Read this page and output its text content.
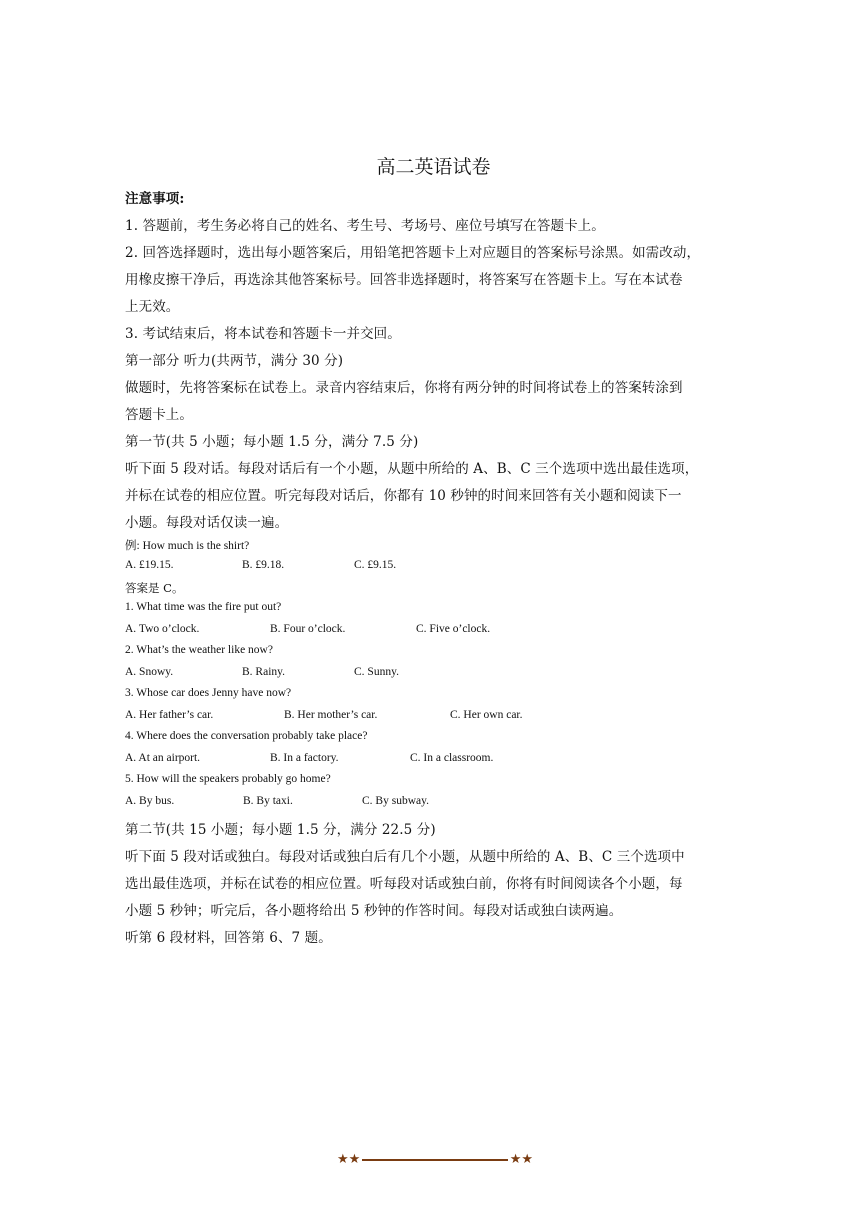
高二英语试卷
注意事项:
1. 答题前，考生务必将自己的姓名、考生号、考场号、座位号填写在答题卡上。
2. 回答选择题时，选出每小题答案后，用铅笔把答题卡上对应题目的答案标号涂黑。如需改动，
用橡皮擦干净后，再选涂其他答案标号。回答非选择题时，将答案写在答题卡上。写在本试卷
上无效。
3. 考试结束后，将本试卷和答题卡一并交回。
第一部分 听力(共两节，满分 30 分)
做题时，先将答案标在试卷上。录音内容结束后，你将有两分钟的时间将试卷上的答案转涂到
答题卡上。
第一节(共 5 小题；每小题 1.5 分，满分 7.5 分)
听下面 5 段对话。每段对话后有一个小题，从题中所给的 A、B、C 三个选项中选出最佳选项，
并标在试卷的相应位置。听完每段对话后，你都有 10 秒钟的时间来回答有关小题和阅读下一
小题。每段对话仅读一遍。
例: How much is the shirt?
A. £19.15.	B. £9.18.	C. £9.15.
答案是 C。
1. What time was the fire put out?
A. Two o’clock.	B. Four o’clock.	C. Five o’clock.
2. What’s the weather like now?
A. Snowy.	B. Rainy.	C. Sunny.
3. Whose car does Jenny have now?
A. Her father’s car.	B. Her mother’s car.	C. Her own car.
4. Where does the conversation probably take place?
A. At an airport.	B. In a factory.	C. In a classroom.
5. How will the speakers probably go home?
A. By bus.	B. By taxi.	C. By subway.
第二节(共 15 小题；每小题 1.5 分，满分 22.5 分)
听下面 5 段对话或独白。每段对话或独白后有几个小题，从题中所给的 A、B、C 三个选项中
选出最佳选项，并标在试卷的相应位置。听每段对话或独白前，你将有时间阅读各个小题，每
小题 5 秒钟；听完后，各小题将给出 5 秒钟的作答时间。每段对话或独白读两遍。
听第 6 段材料，回答第 6、7 题。
★★	★★
